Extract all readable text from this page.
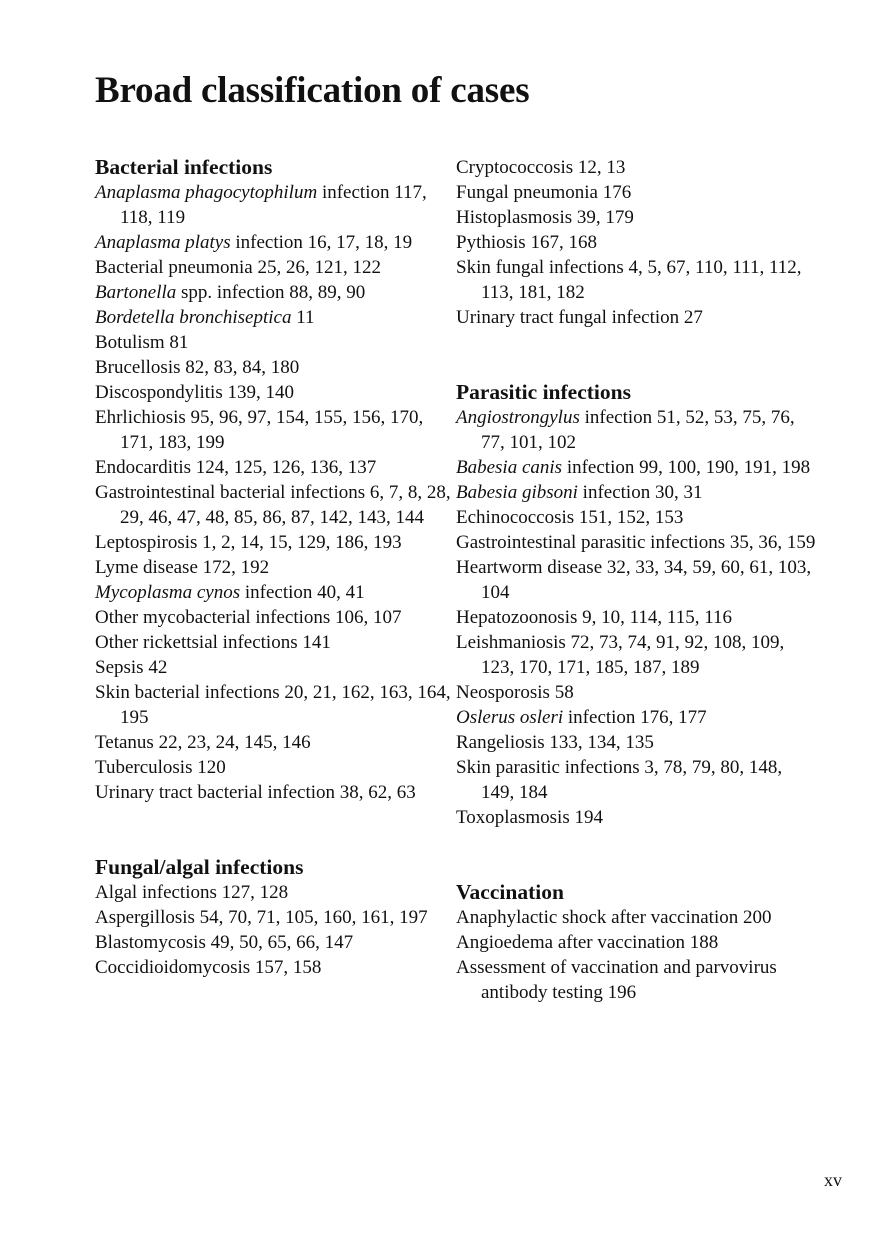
Broad classification of cases
Bacterial infections
Anaplasma phagocytophilum infection 117, 118, 119
Anaplasma platys infection 16, 17, 18, 19
Bacterial pneumonia 25, 26, 121, 122
Bartonella spp. infection 88, 89, 90
Bordetella bronchiseptica 11
Botulism 81
Brucellosis 82, 83, 84, 180
Discospondylitis 139, 140
Ehrlichiosis 95, 96, 97, 154, 155, 156, 170, 171, 183, 199
Endocarditis 124, 125, 126, 136, 137
Gastrointestinal bacterial infections 6, 7, 8, 28, 29, 46, 47, 48, 85, 86, 87, 142, 143, 144
Leptospirosis 1, 2, 14, 15, 129, 186, 193
Lyme disease 172, 192
Mycoplasma cynos infection 40, 41
Other mycobacterial infections 106, 107
Other rickettsial infections 141
Sepsis 42
Skin bacterial infections 20, 21, 162, 163, 164, 195
Tetanus 22, 23, 24, 145, 146
Tuberculosis 120
Urinary tract bacterial infection 38, 62, 63
Fungal/algal infections
Algal infections 127, 128
Aspergillosis 54, 70, 71, 105, 160, 161, 197
Blastomycosis 49, 50, 65, 66, 147
Coccidioidomycosis 157, 158
Cryptococcosis 12, 13
Fungal pneumonia 176
Histoplasmosis 39, 179
Pythiosis 167, 168
Skin fungal infections 4, 5, 67, 110, 111, 112, 113, 181, 182
Urinary tract fungal infection 27
Parasitic infections
Angiostrongylus infection 51, 52, 53, 75, 76, 77, 101, 102
Babesia canis infection 99, 100, 190, 191, 198
Babesia gibsoni infection 30, 31
Echinococcosis 151, 152, 153
Gastrointestinal parasitic infections 35, 36, 159
Heartworm disease 32, 33, 34, 59, 60, 61, 103, 104
Hepatozoonosis 9, 10, 114, 115, 116
Leishmaniosis 72, 73, 74, 91, 92, 108, 109, 123, 170, 171, 185, 187, 189
Neosporosis 58
Oslerus osleri infection 176, 177
Rangeliosis 133, 134, 135
Skin parasitic infections 3, 78, 79, 80, 148, 149, 184
Toxoplasmosis 194
Vaccination
Anaphylactic shock after vaccination 200
Angioedema after vaccination 188
Assessment of vaccination and parvovirus antibody testing 196
xv
